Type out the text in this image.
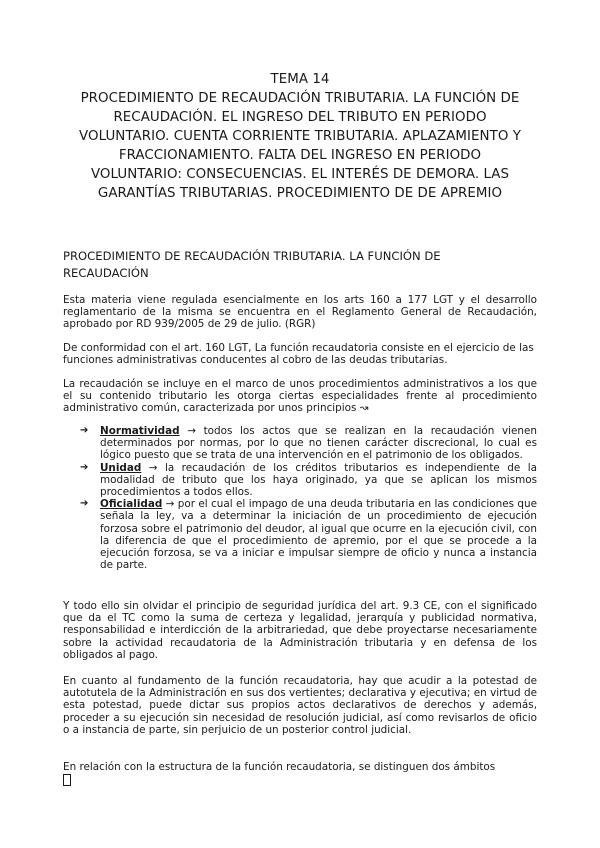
TEMA 14
PROCEDIMIENTO DE RECAUDACIÓN TRIBUTARIA. LA FUNCIÓN DE
RECAUDACIÓN. EL INGRESO DEL TRIBUTO EN PERIODO
VOLUNTARIO. CUENTA CORRIENTE TRIBUTARIA. APLAZAMIENTO Y
FRACCIONAMIENTO. FALTA DEL INGRESO EN PERIODO
VOLUNTARIO: CONSECUENCIAS. EL INTERÉS DE DEMORA. LAS
GARANTÍAS TRIBUTARIAS. PROCEDIMIENTO DE DE APREMIO
PROCEDIMIENTO DE RECAUDACIÓN TRIBUTARIA. LA FUNCIÓN DE
RECAUDACIÓN

Esta materia viene regulada esencialmente en los arts 160 a 177 LGT y el desarrollo reglamentario de la misma se encuentra en el Reglamento General de Recaudación, aprobado por RD 939/2005 de 29 de julio. (RGR)

De conformidad con el art. 160 LGT, La función recaudatoria consiste en el ejercicio de las funciones administrativas conducentes al cobro de las deudas tributarias.

La recaudación se incluye en el marco de unos procedimientos administrativos a los que el su contenido tributario les otorga ciertas especialidades frente al procedimiento administrativo común, caracterizada por unos principios ↝

➔ Normatividad → todos los actos que se realizan en la recaudación vienen determinados por normas, por lo que no tienen carácter discrecional, lo cual es lógico puesto que se trata de una intervención en el patrimonio de los obligados.
➔ Unidad → la recaudación de los créditos tributarios es independiente de la modalidad de tributo que los haya originado, ya que se aplican los mismos procedimientos a todos ellos.
➔ Oficialidad → por el cual el impago de una deuda tributaria en las condiciones que señala la ley, va a determinar la iniciación de un procedimiento de ejecución forzosa sobre el patrimonio del deudor, al igual que ocurre en la ejecución civil, con la diferencia de que el procedimiento de apremio, por el que se procede a la ejecución forzosa, se va a iniciar e impulsar siempre de oficio y nunca a instancia de parte.

Y todo ello sin olvidar el principio de seguridad jurídica del art. 9.3 CE, con el significado que da el TC como la suma de certeza y legalidad, jerarquía y publicidad normativa, responsabilidad e interdicción de la arbitrariedad, que debe proyectarse necesariamente sobre la actividad recaudatoria de la Administración tributaria y en defensa de los obligados al pago.

En cuanto al fundamento de la función recaudatoria, hay que acudir a la potestad de autotutela de la Administración en sus dos vertientes; declarativa y ejecutiva; en virtud de esta potestad, puede dictar sus propios actos declarativos de derechos y además, proceder a su ejecución sin necesidad de resolución judicial, así como revisarlos de oficio o a instancia de parte, sin perjuicio de un posterior control judicial.

En relación con la estructura de la función recaudatoria, se distinguen dos ámbitos
